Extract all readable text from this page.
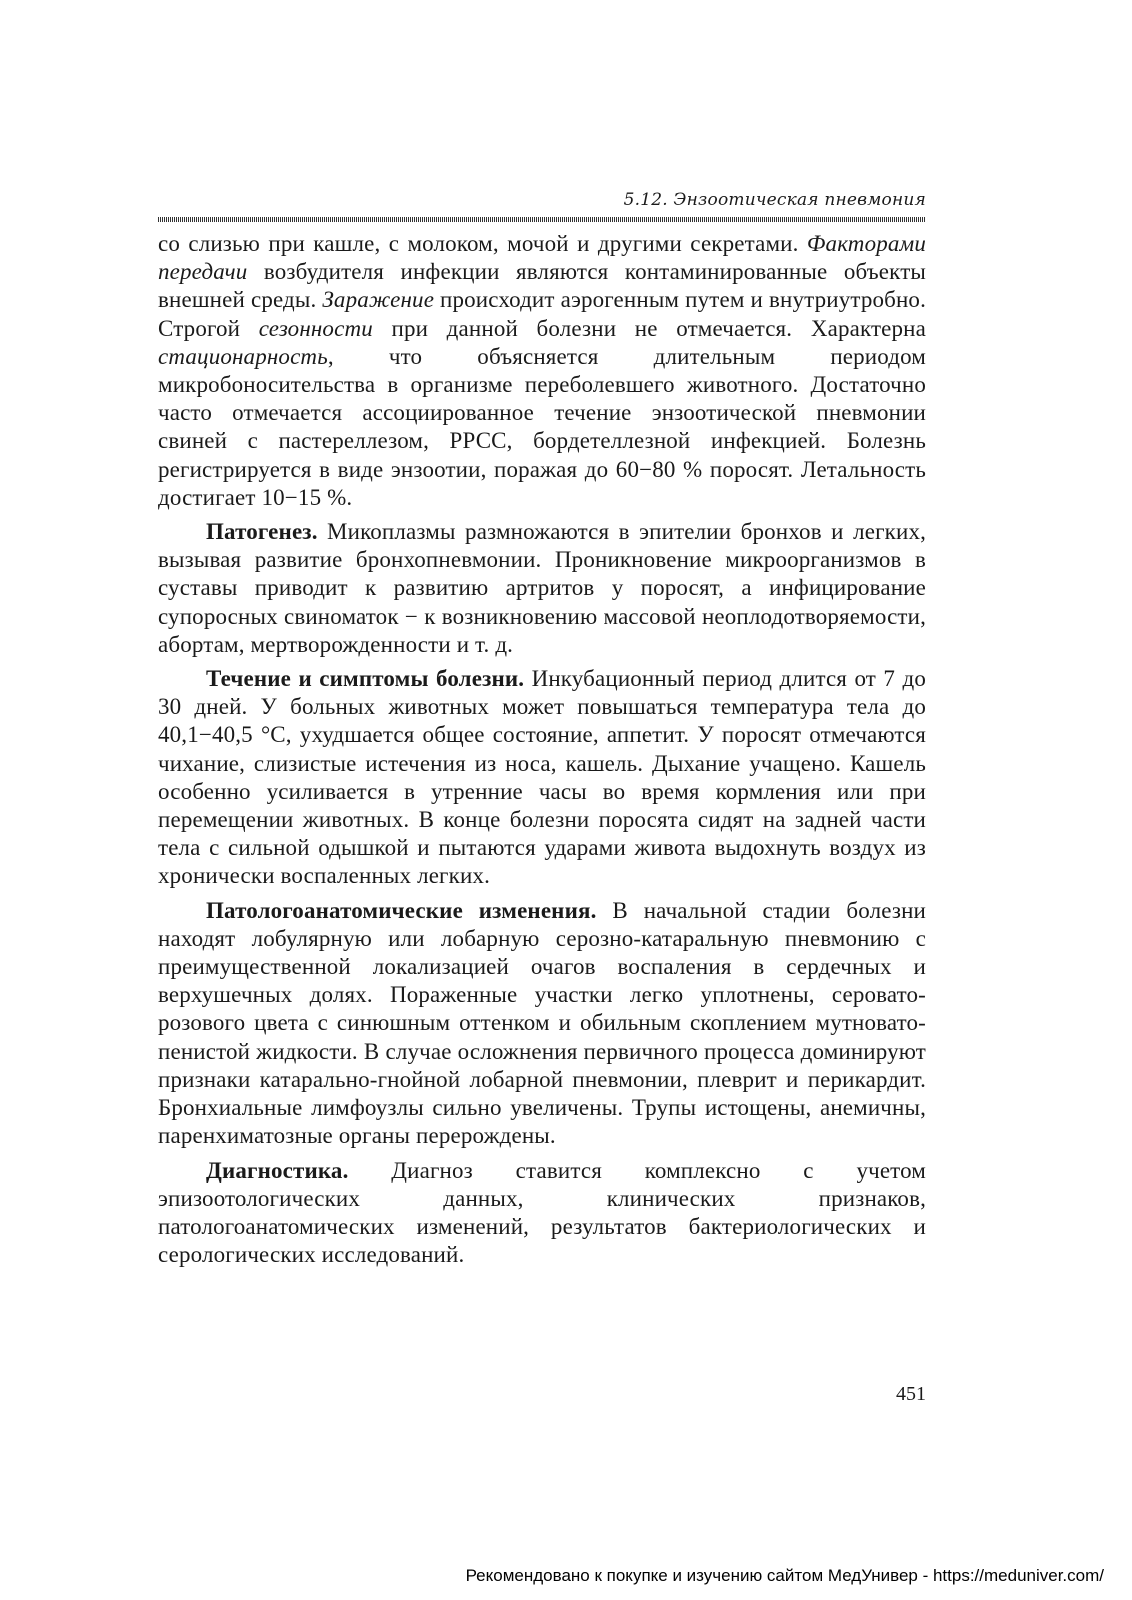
5.12. Энзоотическая пневмония

со слизью при кашле, с молоком, мочой и другими секретами. Факторами передачи возбудителя инфекции являются контаминированные объекты внешней среды. Заражение происходит аэрогенным путем и внутриутробно. Строгой сезонности при данной болезни не отмечается. Характерна стационарность, что объясняется длительным периодом микробоносительства в организме переболевшего животного. Достаточно часто отмечается ассоциированное течение энзоотической пневмонии свиней с пастереллезом, РРСС, бордетеллезной инфекцией. Болезнь регистрируется в виде энзоотии, поражая до 60−80 % поросят. Летальность достигает 10−15 %.

Патогенез. Микоплазмы размножаются в эпителии бронхов и легких, вызывая развитие бронхопневмонии. Проникновение микроорганизмов в суставы приводит к развитию артритов у поросят, а инфицирование супоросных свиноматок − к возникновению массовой неоплодотворяемости, абортам, мертворожденности и т. д.

Течение и симптомы болезни. Инкубационный период длится от 7 до 30 дней. У больных животных может повышаться температура тела до 40,1−40,5 °С, ухудшается общее состояние, аппетит. У поросят отмечаются чихание, слизистые истечения из носа, кашель. Дыхание учащено. Кашель особенно усиливается в утренние часы во время кормления или при перемещении животных. В конце болезни поросята сидят на задней части тела с сильной одышкой и пытаются ударами живота выдохнуть воздух из хронически воспаленных легких.

Патологоанатомические изменения. В начальной стадии болезни находят лобулярную или лобарную серозно-катаральную пневмонию с преимущественной локализацией очагов воспаления в сердечных и верхушечных долях. Пораженные участки легко уплотнены, серовато-розового цвета с синюшным оттенком и обильным скоплением мутновато-пенистой жидкости. В случае осложнения первичного процесса доминируют признаки катарально-гнойной лобарной пневмонии, плеврит и перикардит. Бронхиальные лимфоузлы сильно увеличены. Трупы истощены, анемичны, паренхиматозные органы перерождены.

Диагностика. Диагноз ставится комплексно с учетом эпизоотологических данных, клинических признаков, патологоанатомических изменений, результатов бактериологических и серологических исследований.

451
Рекомендовано к покупке и изучению сайтом МедУнивер - https://meduniver.com/
